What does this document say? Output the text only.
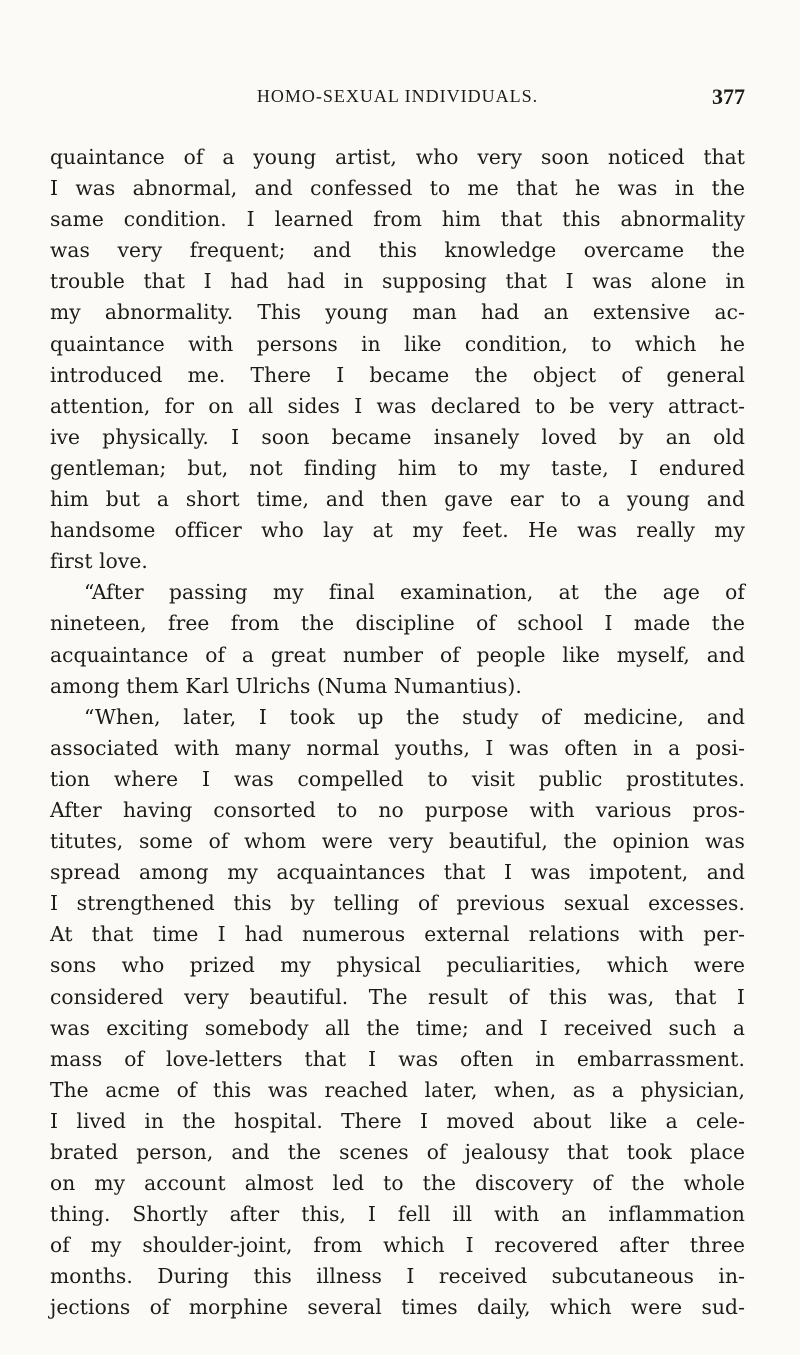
HOMO-SEXUAL INDIVIDUALS.	377
quaintance of a young artist, who very soon noticed that
I was abnormal, and confessed to me that he was in the
same condition. I learned from him that this abnormality
was very frequent; and this knowledge overcame the
trouble that I had had in supposing that I was alone in
my abnormality. This young man had an extensive ac-
quaintance with persons in like condition, to which he
introduced me. There I became the object of general
attention, for on all sides I was declared to be very attract-
ive physically. I soon became insanely loved by an old
gentleman; but, not finding him to my taste, I endured
him but a short time, and then gave ear to a young and
handsome officer who lay at my feet. He was really my
first love.
“After passing my final examination, at the age of
nineteen, free from the discipline of school I made the
acquaintance of a great number of people like myself, and
among them Karl Ulrichs (Numa Numantius).
“When, later, I took up the study of medicine, and
associated with many normal youths, I was often in a posi-
tion where I was compelled to visit public prostitutes.
After having consorted to no purpose with various pros-
titutes, some of whom were very beautiful, the opinion was
spread among my acquaintances that I was impotent, and
I strengthened this by telling of previous sexual excesses.
At that time I had numerous external relations with per-
sons who prized my physical peculiarities, which were
considered very beautiful. The result of this was, that I
was exciting somebody all the time; and I received such a
mass of love-letters that I was often in embarrassment.
The acme of this was reached later, when, as a physician,
I lived in the hospital. There I moved about like a cele-
brated person, and the scenes of jealousy that took place
on my account almost led to the discovery of the whole
thing. Shortly after this, I fell ill with an inflammation
of my shoulder-joint, from which I recovered after three
months. During this illness I received subcutaneous in-
jections of morphine several times daily, which were sud-
